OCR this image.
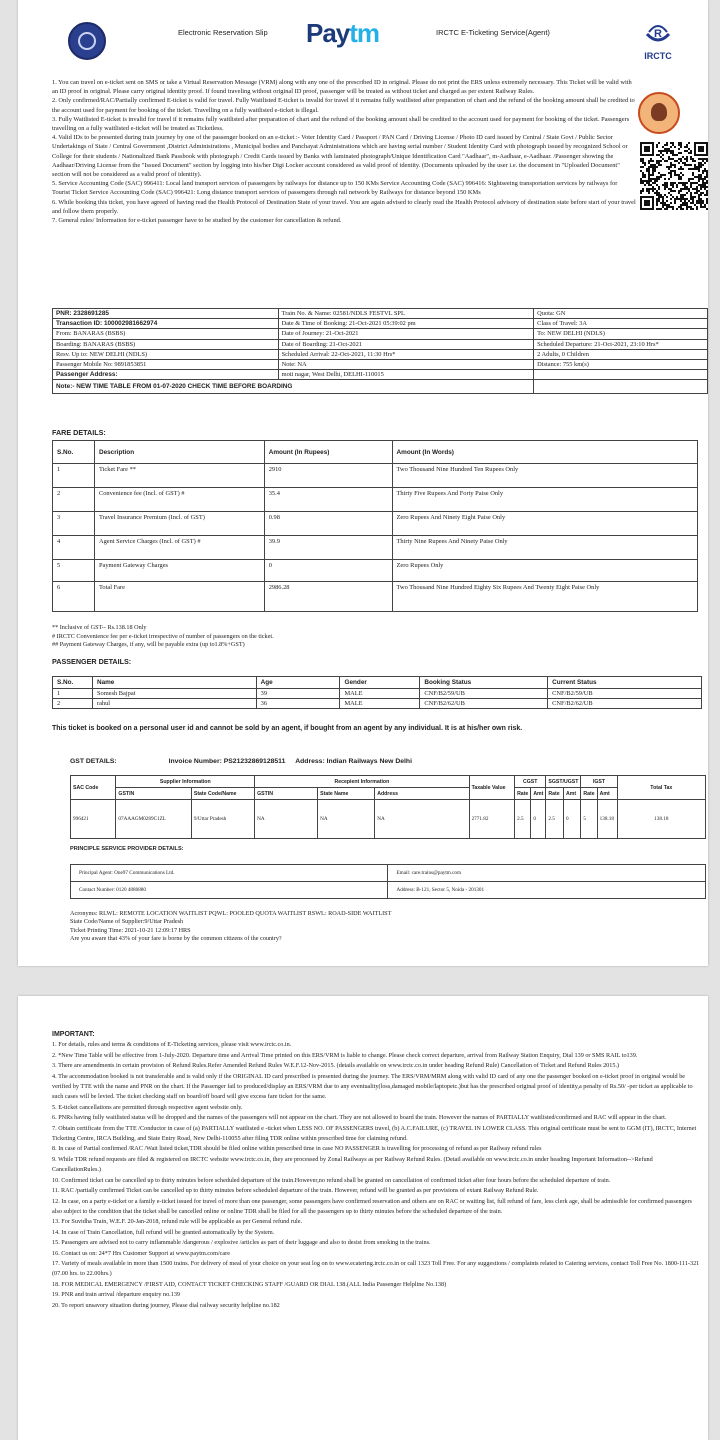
Electronic Reservation Slip Paytm	IRCTC E-Ticketing Service(Agent)	R
IRCTC

1. You can travel on e-ticket sent on SMS or take a Virtual Reservation Message (VRM) along with any one of the prescribed ID in original. Please do not print the ERS unless extremely necessary. This Ticket will be valid with an ID proof in original. Please carry original identity proof. If found traveling without original ID proof, passenger will be treated as without ticket and charged as per extent Railway Rules.

2. Only confirmed/RAC/Partially confirmed E-ticket is valid for travel. Fully Waitlisted E-ticket is invalid for travel if it remains fully waitlisted after preparation of chart and the refund of the booking amount shall be credited to the account used for payment for booking of the ticket. Travelling on a fully waitlisted e-ticket is illegal.

3. Fully Waitlisted E-ticket is invalid for travel if it remains fully waitlisted after preparation of chart and the refund of the booking amount shall be credited to the account used for payment for booking of the ticket. Passengers travelling on a fully waitlisted e-ticket will be treated as Ticketless.

4. Valid IDs to be presented during train journey by one of the passenger booked on an e-ticket :- Voter Identity Card / Passport / PAN Card / Driving License / Photo ID card issued by Central / State Govt / Public Sector Undertakings of State / Central Government ,District Administrations , Municipal bodies and Panchayat Administrations which are having serial number / Student Identity Card with photograph issued by recognized School or College for their students / Nationalized Bank Passbook with photograph / Credit Cards issued by Banks with laminated photograph/Unique Identification Card "Aadhaar", m-Aadhaar, e-Aadhaar. /Passenger showing the Aadhaar/Driving License from the "Issued Document" section by logging into his/her Digi Locker account considered as valid proof of identity. (Documents uploaded by the user i.e. the document in "Uploaded Document" section will not be considered as a valid proof of identity).

5. Service Accounting Code (SAC) 996411: Local land transport services of passengers by railways for distance up to 150 KMs Service Accounting Code (SAC) 996416: Sightseeing transportation services by railways for Tourist Ticket Service Accounting Code (SAC) 996421: Long distance transport services of passengers through rail network by Railways for distance beyond 150 KMs

6. While booking this ticket, you have agreed of having read the Health Protocol of Destination State of your travel. You are again advised to clearly read the Health Protocol advisory of destination state before start of your travel and follow them properly.

7. General rules/ Information for e-ticket passenger have to be studied by the customer for cancellation & refund.

PNR: 2328691285	Train No. & Name: 02581/NDLS FESTVL SPL	Quota: GN
Transaction ID: 100002981662974	Date & Time of Booking: 21-Oct-2021 05:39:02 pm	Class of Travel: 3A
From: BANARAS (BSBS)	Date of Journey: 21-Oct-2021	To: NEW DELHI (NDLS)
Boarding: BANARAS (BSBS)	Date of Boarding: 21-Oct-2021	Scheduled Departure: 21-Oct-2021, 23:10 Hrs*
Resv. Up to: NEW DELHI (NDLS)	Scheduled Arrival: 22-Oct-2021, 11:30 Hrs*	2 Adults, 0 Children
Passenger Mobile No: 9891853851	Note: NA	Distance: 755 km(s)
Passenger Address:	moti nagar, West Delhi, DELHI-110015	
Note:- NEW TIME TABLE FROM 01-07-2020 CHECK TIME BEFORE BOARDING		
FARE DETAILS:
S.No.	Description	Amount (In Rupees)	Amount (In Words)
1	Ticket Fare **	2910	Two Thousand Nine Hundred Ten Rupees Only
2	Convenience fee (Incl. of GST) #	35.4	Thirty Five Rupees And Forty Paise Only
3	Travel Insurance Premium (Incl. of GST)	0.98	Zero Rupees And Ninety Eight Paise Only
4	Agent Service Charges (Incl. of GST) #	39.9	Thirty Nine Rupees And Ninety Paise Only
5	Payment Gateway Charges	0	Zero Rupees Only
6	Total Fare	2986.28	Two Thousand Nine Hundred Eighty Six Rupees And Twenty Eight Paise Only

** Inclusive of GST-- Rs.138.18 Only

# IRCTC Convenience fee per e-ticket irrespective of number of passengers on the ticket.

## Payment Gateway Charges, if any, will be payable extra (up to1.8%+GST)

PASSENGER DETAILS:
S.No.	Name	Age	Gender	Booking Status	Current Status
1	Somesh Bajpai	39	MALE	CNF/B2/59/UB	CNF/B2/59/UB
2	rahul	36	MALE	CNF/B2/62/UB	CNF/B2/62/UB
This ticket is booked on a personal user id and cannot be sold by an agent, if bought from an agent by any individual. It is at his/her own risk.
GST DETAILS:	Invoice Number: PS21232869128511 Address: Indian Railways New Delhi
SAC Code	Supplier Information		Recepient Information			Taxable Value	CGST		SGST/UGST		IGST		Total Tax
	GSTIN	State Code/Name	GSTIN	State Name	Address		Rate	Amt	Rate	Amt	Rate	Amt	
996421	07AAAGM0289C1ZL	9/Uttar Pradesh	NA	NA	NA	2771.82	2.5	0	2.5	0	5	138.18	138.18
PRINCIPLE SERVICE PROVIDER DETAILS:
Principal Agent: One97 Communications Ltd.	Email: care.trains@paytm.com
Contact Number: 0120 4880880	Address: B-121, Sector 5, Noida - 201301

Acronyms: RLWL: REMOTE LOCATION WAITLIST PQWL: POOLED QUOTA WAITLIST RSWL: ROAD-SIDE WAITLIST

State Code/Name of Supplier:9/Uttar Pradesh

Ticket Printing Time: 2021-10-21 12:09:17 HRS

Are you aware that 43% of your fare is borne by the common citizens of the country?

IMPORTANT:

1. For details, rules and terms & conditions of E-Ticketing services, please visit www.irctc.co.in.

2. *New Time Table will be effective from 1-July-2020. Departure time and Arrival Time printed on this ERS/VRM is liable to change. Please check correct departure, arrival from Railway Station Enquiry, Dial 139 or SMS RAIL to139.

3. There are amendments in certain provision of Refund Rules.Refer Amended Refund Rules W.E.F.12-Nov-2015. (details available on www.irctc.co.in under heading Refund Rule) Cancellation of Ticket and Refund Rules 2015.)

4. The accommodation booked is not transferable and is valid only if the ORIGINAL ID card prescribed is presented during the journey. The ERS/VRM/MRM along with valid ID card of any one the passenger booked on e-ticket proof in original would be verified by TTE with the name and PNR on the chart. If the Passenger fail to produced/display an ERS/VRM due to any eventuality(loss,damaged mobile/laptopetc.)but has the prescribed original proof of identity,a penalty of Rs.50/ -per ticket as applicable to such cases will be levied. The ticket checking staff on board/off board will give excess fare ticket for the same.

5. E-ticket cancellations are permitted through respective agent website only.

6. PNRs having fully waitlisted status will be dropped and the names of the passengers will not appear on the chart. They are not allowed to board the train. However the names of PARTIALLY waitlisted/confirmed and RAC will appear in the chart.

7. Obtain certificate from the TTE /Conductor in case of (a) PARTIALLY waitlisted e -ticket when LESS NO. OF PASSENGERS travel, (b) A.C.FAILURE, (c) TRAVEL IN LOWER CLASS. This original certificate must be sent to GGM (IT), IRCTC, Internet Ticketing Centre, IRCA Building, and State Entry Road, New Delhi-110055 after filing TDR online within prescribed time for claiming refund.

8. In case of Partial confirmed /RAC /Wait listed ticket,TDR should be filed online within prescribed time in case NO PASSENGER is travelling for processing of refund as per Railway refund rules

9. While TDR refund requests are filed & registered on IRCTC website www.irctc.co.in, they are processed by Zonal Railways as per Railway Refund Rules. (Detail available on www.irctc.co.in under heading Important Information-->Refund CancellationRules.)

10. Confirmed ticket can be cancelled up to thirty minutes before scheduled departure of the train.However,no refund shall be granted on cancellation of confirmed ticket after four hours before the scheduled departure of train.

11. RAC /partially confirmed Ticket can be cancelled up to thirty minutes before scheduled departure of the train. However, refund will be granted as per provisions of extant Railway Refund Rule.

12. In case, on a party e-ticket or a family e-ticket issued for travel of more than one passenger, some passengers have confirmed reservation and others are on RAC or waiting list, full refund of fare, less clerk age, shall be admissible for confirmed passengers also subject to the condition that the ticket shall be cancelled online or online TDR shall be filed for all the passengers up to thirty minutes before the scheduled departure of the train.

13. For Suvidha Train, W.E.F. 20-Jan-2018, refund rule will be applicable as per General refund rule.

14. In case of Train Cancellation, full refund will be granted automatically by the System.

15. Passengers are advised not to carry inflammable /dangerous / explosive /articles as part of their luggage and also to desist from smoking in the trains.

16. Contact us on: 24*7 Hrs Customer Support at www.paytm.com/care

17. Variety of meals available in more than 1500 trains. For delivery of meal of your choice on your seat log on to www.ecatering.irctc.co.in or call 1323 Toll Free. For any suggestions / complaints related to Catering services, contact Toll Free No. 1800-111-321 (07.00 hrs. to 22.00hrs.)

18. FOR MEDICAL EMERGENCY /FIRST AID, CONTACT TICKET CHECKING STAFF /GUARD OR DIAL 138.(ALL India Passenger Helpline No.138)

19. PNR and train arrival /departure enquiry no.139

20. To report unsavory situation during journey, Please dial railway security helpline no.182
